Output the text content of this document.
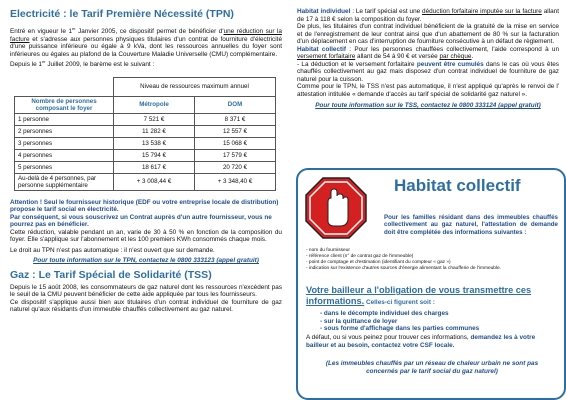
Electricité : le Tarif Première Nécessité (TPN)

Entré en vigueur le 1er Janvier 2005, ce dispositif permet de bénéficier d'une réduction sur la facture et s'adresse aux personnes physiques titulaires d'un contrat de fourniture d'électricité d'une puissance inférieure ou égale à 9 kVa, dont les ressources annuelles du foyer sont inférieures ou égales au plafond de la Couverture Maladie Universelle (CMU) complémentaire.

Depuis le 1er Juillet 2009, le barème est le suivant :

	Niveau de ressources maximum annuel	
Nombre de personnes composant le foyer	Métropole	DOM
1 personne	7 521 €	8 371 €
2 personnes	11 282 €	12 557 €
3 personnes	13 538 €	15 068 €
4 personnes	15 794 €	17 579 €
5 personnes	18 617 €	20 720 €
Au-delà de 4 personnes, par personne supplémentaire	+ 3 008,44 €	+ 3 348,40 €

Attention ! Seul le fournisseur historique (EDF ou votre entreprise locale de distribution) propose le tarif social en électricité.

Par conséquent, si vous souscrivez un Contrat auprès d'un autre fournisseur, vous ne pourrez pas en bénéficier.

Cette réduction, valable pendant un an, varie de 30 à 50 % en fonction de la composition du foyer. Elle s'applique sur l'abonnement et les 100 premiers KWh consommés chaque mois.

Le droit au TPN n'est pas automatique : il n'est ouvert que sur demande.

Pour toute information sur le TPN, contactez le 0800 333123 (appel gratuit)

Gaz : Le Tarif Spécial de Solidarité (TSS)

Depuis le 15 août 2008, les consommateurs de gaz naturel dont les ressources n'excèdent pas le seuil de la CMU peuvent bénéficier de cette aide appliquée par tous les fournisseurs.

Ce dispositif s'applique aussi bien aux titulaires d'un contrat individuel de fourniture de gaz naturel qu'aux résidants d'un immeuble chauffés collectivement au gaz naturel.

Habitat individuel : Le tarif spécial est une déduction forfaitaire imputée sur la facture allant de 17 à 118 € selon la composition du foyer.

De plus, les titulaires d'un contrat individuel bénéficient de la gratuité de la mise en service et de l'enregistrement de leur contrat ainsi que d'un abattement de 80 % sur la facturation d'un déplacement en cas d'interruption de fourniture consécutive à un défaut de règlement.

Habitat collectif : Pour les personnes chauffées collectivement, l'aide correspond à un versement forfaitaire allant de 54 à 90 € et versée par chèque.

- La déduction et le versement forfaitaire peuvent être cumulés dans le cas où vous êtes chauffés collectivement au gaz mais disposez d'un contrat individuel de fourniture de gaz naturel pour la cuisson.

Comme pour le TPN, le TSS n'est pas automatique, il n'est appliqué qu'après le renvoi de l' attestation intitulée « demande d'accès au tarif spécial de solidarité gaz naturel ».

Pour toute information sur le TSS, contactez le 0800 333124 (appel gratuit)

Habitat collectif

Pour les familles résidant dans des immeubles chauffés collectivement au gaz naturel, l'attestation de demande doit être complétée des informations suivantes :

- nom du fournisseur
- référence client (n° de contrat gaz de l'immeuble)
- point de comptage et d'estimation (identifiant du compteur « gaz »)
- indication sur l'existence d'autres sources d'énergie alimentant la chaufferie de l'immeuble.
Votre bailleur a l'obligation de vous transmettre ces informations. Celles-ci figurent soit :
- dans le décompte individuel des charges
- sur la quittance de loyer
- sous forme d'affichage dans les parties communes

A défaut, ou si vous peinez pour trouver ces informations, demandez les à votre bailleur et au besoin, contactez votre CSF locale.

(Les immeubles chauffés par un réseau de chaleur urbain ne sont pas concernés par le tarif social du gaz naturel)
